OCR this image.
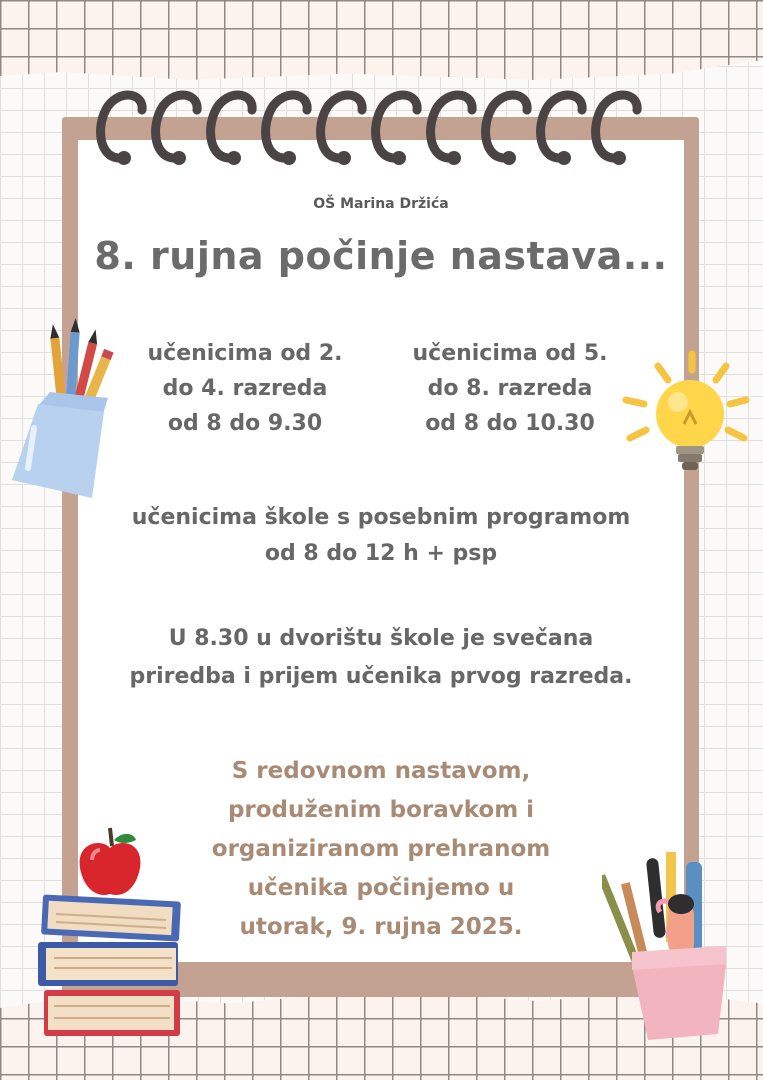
OŠ Marina Držića
8. rujna počinje nastava...
učenicima od 2.
do 4. razreda
od 8 do 9.30
učenicima od 5.
do 8. razreda
od 8 do 10.30
učenicima škole s posebnim programom
od 8 do 12 h + psp
U 8.30 u dvorištu škole je svečana
priredba i prijem učenika prvog razreda.
S redovnom nastavom,
produženim boravkom i
organiziranom prehranom
učenika počinjemo u
utorak, 9. rujna 2025.
